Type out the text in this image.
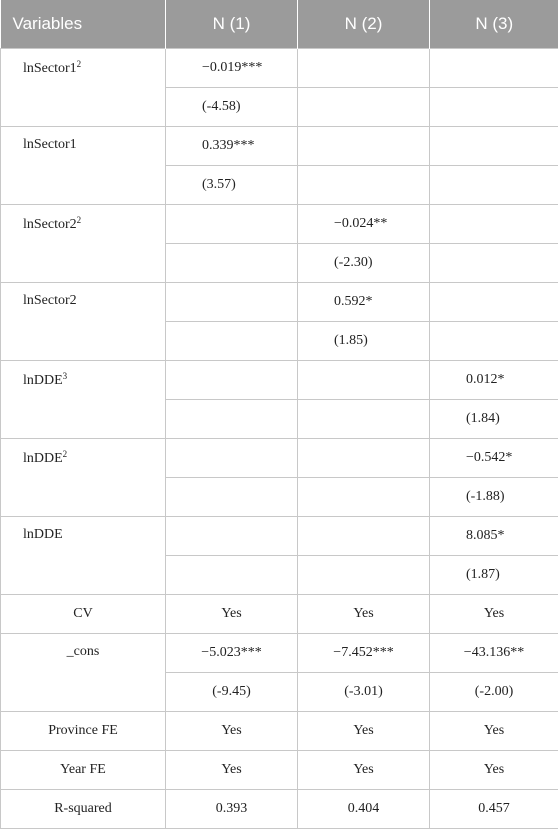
Variables	N (1)	N (2)	N (3)
$lnSector1^2$	−0.019***		
	(-4.58)		
lnSector1	0.339***		
	(3.57)		
$lnSector2^2$		−0.024**	
		(-2.30)	
lnSector2		0.592*	
		(1.85)	
lnDDE$^3$			0.012*
			(1.84)
lnDDE$^2$			−0.542*
			(-1.88)
lnDDE			8.085*
			(1.87)
CV	Yes	Yes	Yes
_cons	−5.023***	−7.452***	−43.136**
	(-9.45)	(-3.01)	(-2.00)
Province FE	Yes	Yes	Yes
Year FE	Yes	Yes	Yes
R-squared	0.393	0.404	0.457
